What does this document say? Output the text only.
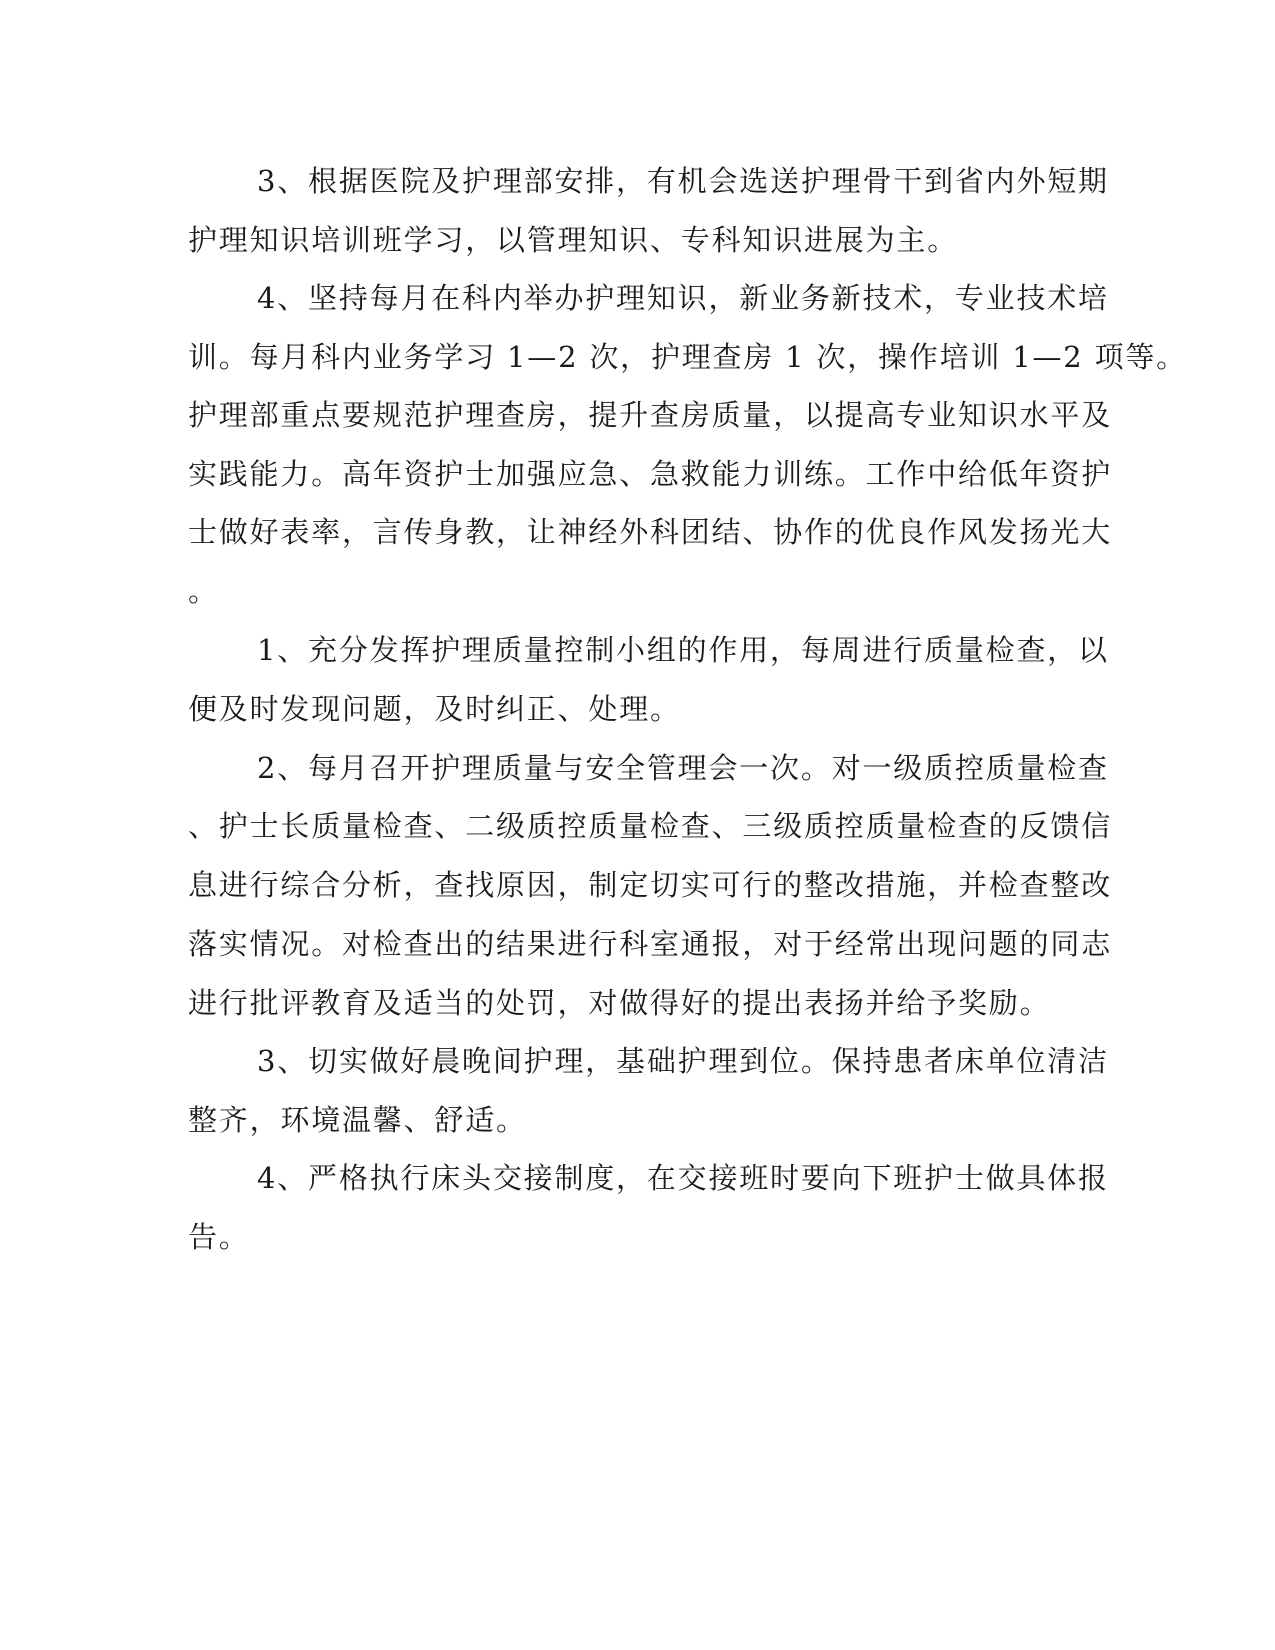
3、根据医院及护理部安排，有机会选送护理骨干到省内外短期
护理知识培训班学习，以管理知识、专科知识进展为主。
4、坚持每月在科内举办护理知识，新业务新技术，专业技术培
训。每月科内业务学习 1—2 次，护理查房 1 次，操作培训 1—2 项等。
护理部重点要规范护理查房，提升查房质量，以提高专业知识水平及
实践能力。高年资护士加强应急、急救能力训练。工作中给低年资护
士做好表率，言传身教，让神经外科团结、协作的优良作风发扬光大
。
1、充分发挥护理质量控制小组的作用，每周进行质量检查，以
便及时发现问题，及时纠正、处理。
2、每月召开护理质量与安全管理会一次。对一级质控质量检查
、护士长质量检查、二级质控质量检查、三级质控质量检查的反馈信
息进行综合分析，查找原因，制定切实可行的整改措施，并检查整改
落实情况。对检查出的结果进行科室通报，对于经常出现问题的同志
进行批评教育及适当的处罚，对做得好的提出表扬并给予奖励。
3、切实做好晨晚间护理，基础护理到位。保持患者床单位清洁
整齐，环境温馨、舒适。
4、严格执行床头交接制度，在交接班时要向下班护士做具体报
告。
